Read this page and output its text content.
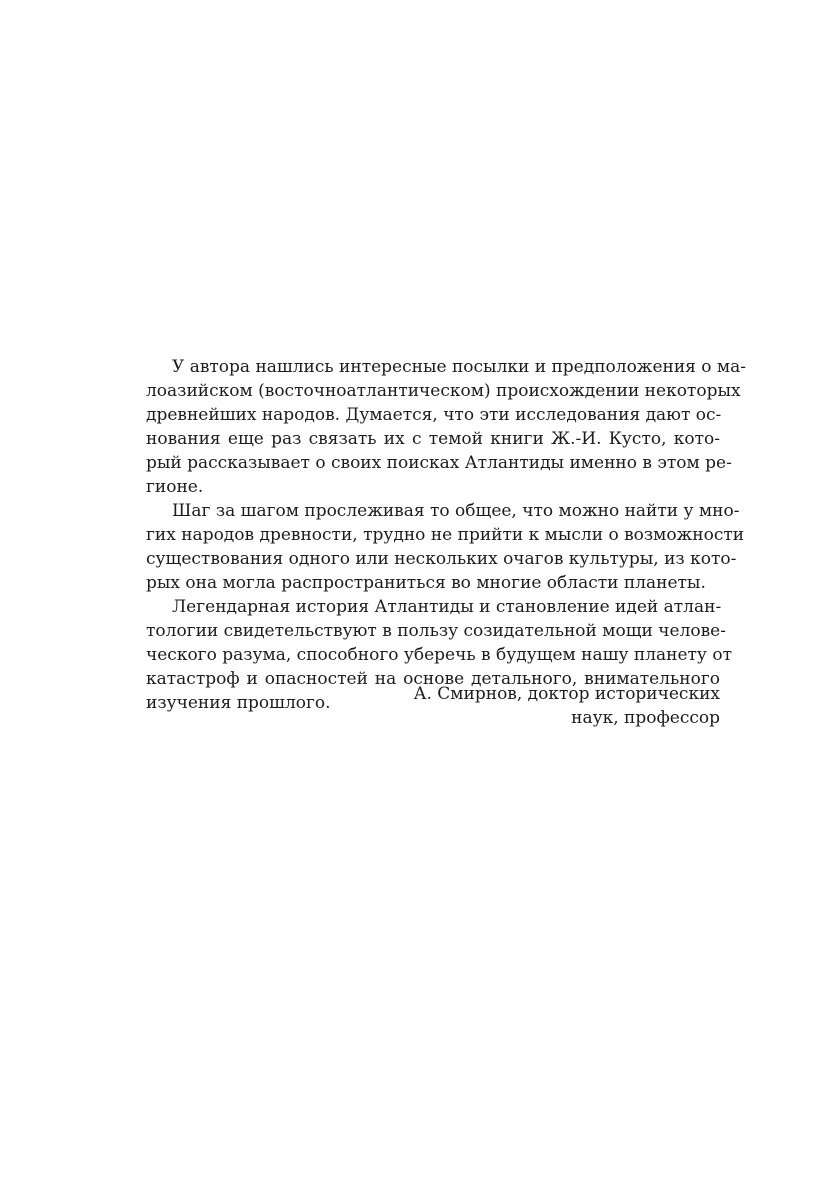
У автора нашлись интересные посылки и предположения о ма-
лоазийском (восточноатлантическом) происхождении некоторых
древнейших народов. Думается, что эти исследования дают ос-
нования еще раз связать их с темой книги Ж.-И. Кусто, кото-
рый рассказывает о своих поисках Атлантиды именно в этом ре-
гионе.

Шаг за шагом прослеживая то общее, что можно найти у мно-
гих народов древности, трудно не прийти к мысли о возможности
существования одного или нескольких очагов культуры, из кото-
рых она могла распространиться во многие области планеты.

Легендарная история Атлантиды и становление идей атлан-
тологии свидетельствуют в пользу созидательной мощи челове-
ческого разума, способного уберечь в будущем нашу планету от
катастроф и опасностей на основе детального, внимательного
изучения прошлого.	А. Смирнов, доктор исторических
наук, профессор
